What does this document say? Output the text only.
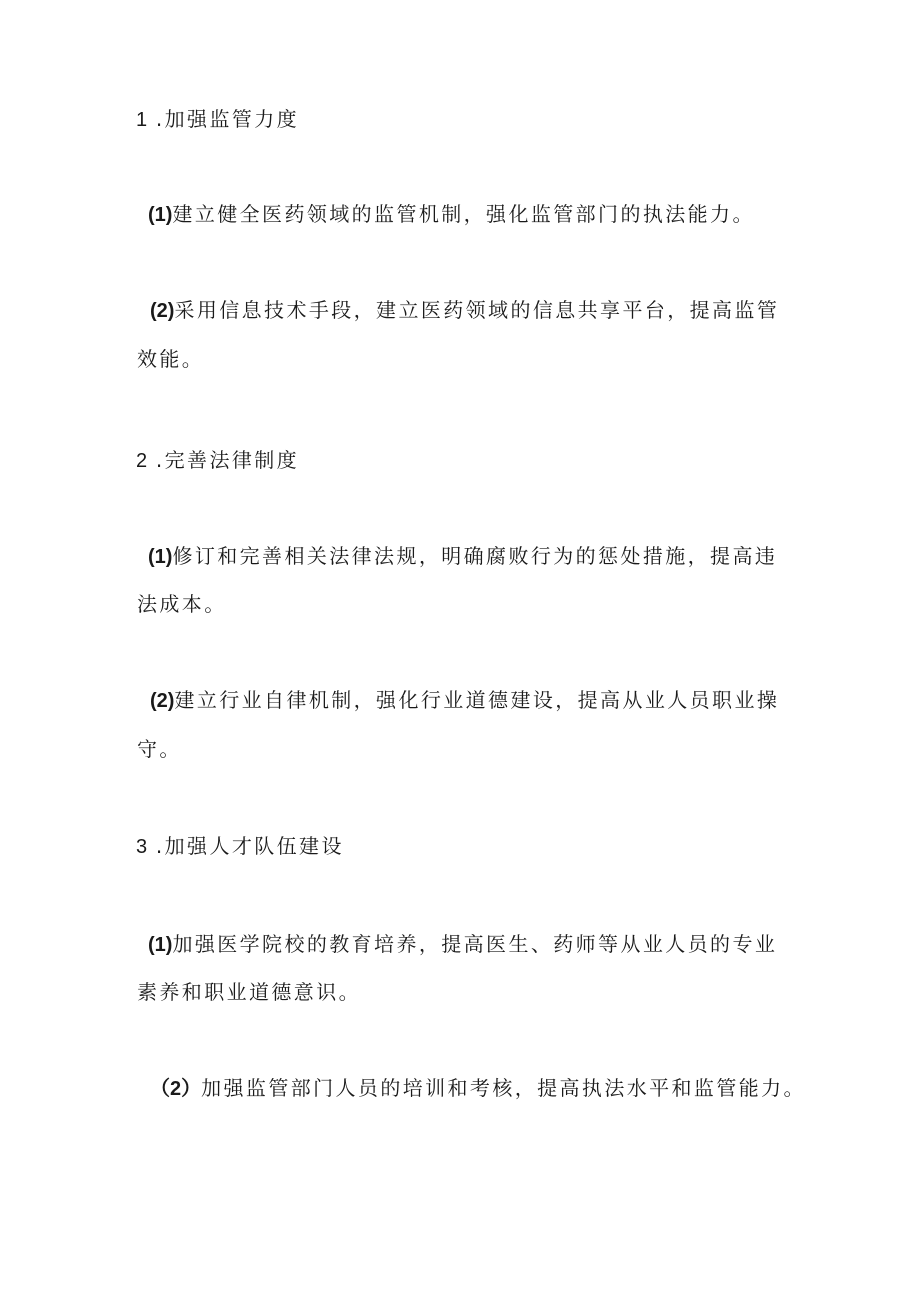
1 .加强监管力度
(1)建立健全医药领域的监管机制，强化监管部门的执法能力。
(2)采用信息技术手段，建立医药领域的信息共享平台，提高监管
效能。
2 .完善法律制度
(1)修订和完善相关法律法规，明确腐败行为的惩处措施，提高违
法成本。
(2)建立行业自律机制，强化行业道德建设，提高从业人员职业操
守。
3 .加强人才队伍建设
(1)加强医学院校的教育培养，提高医生、药师等从业人员的专业
素养和职业道德意识。
（2）加强监管部门人员的培训和考核，提高执法水平和监管能力。
